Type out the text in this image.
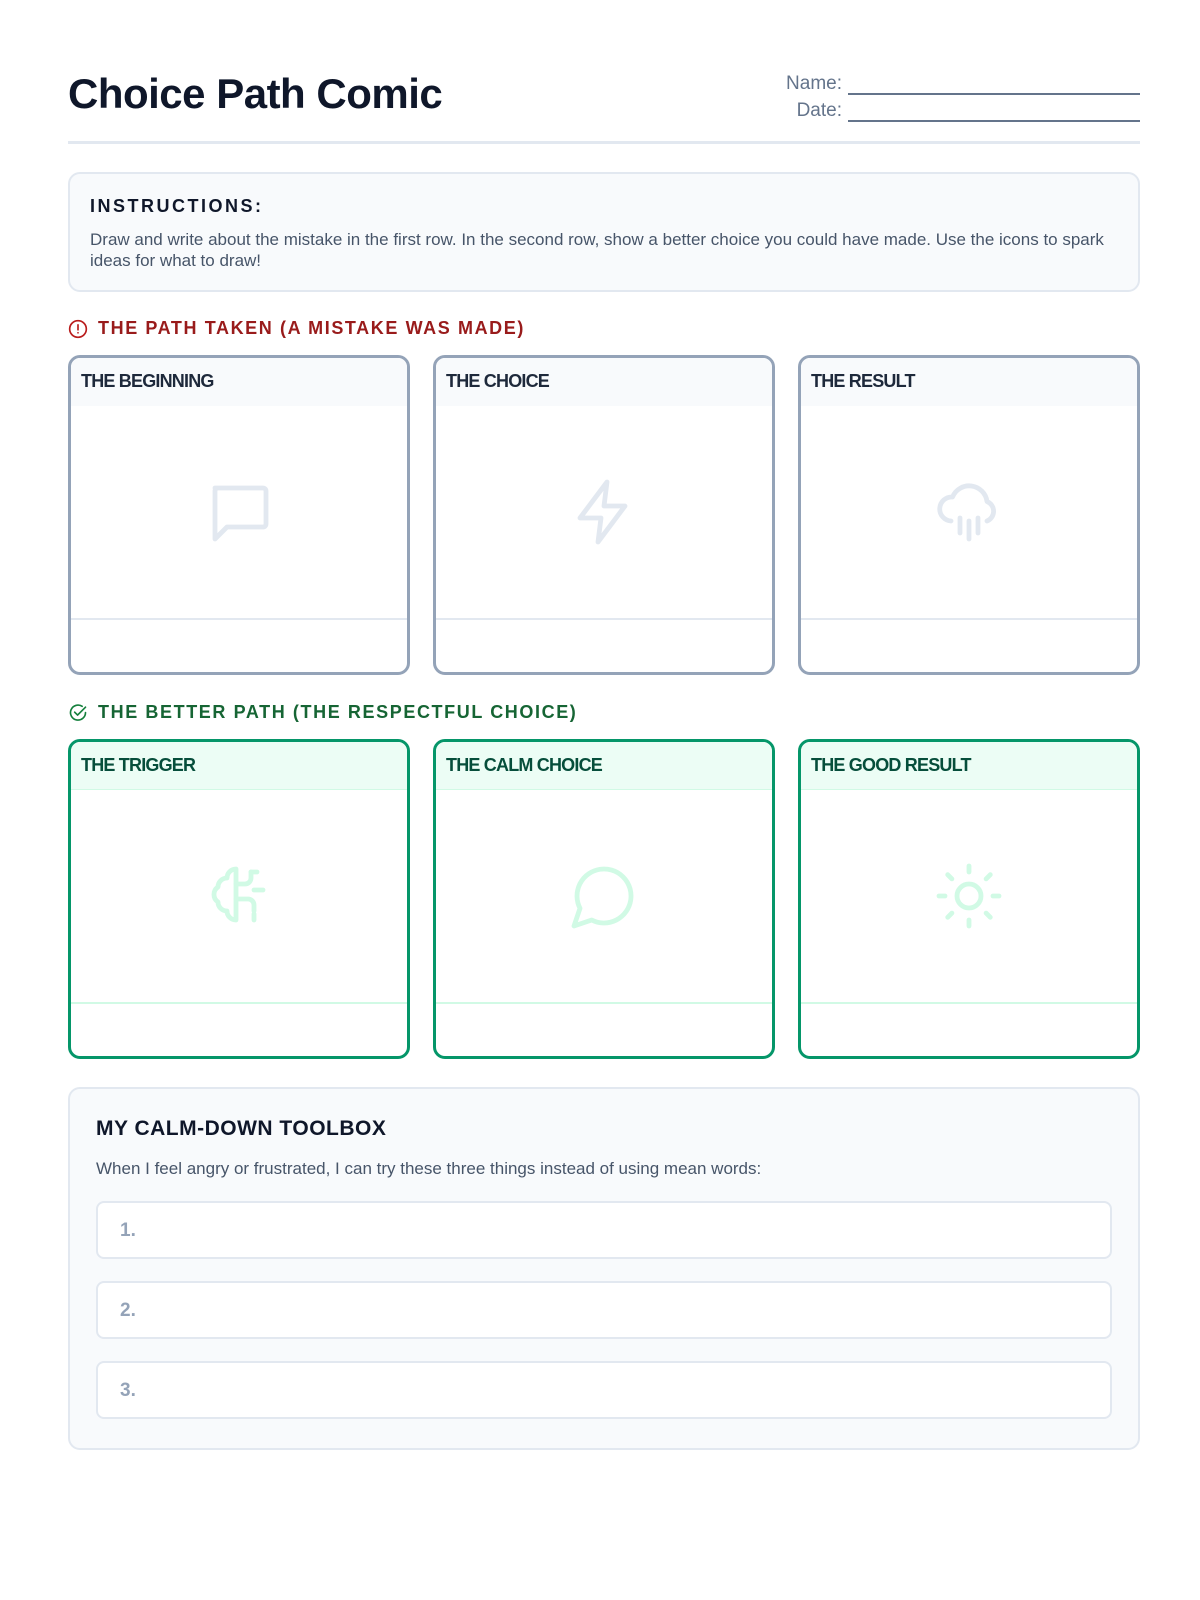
Choice Path Comic	Name:
Date:
INSTRUCTIONS:
Draw and write about the mistake in the first row. In the second row, show a better choice you could have made. Use the icons to spark ideas for what to draw!
THE PATH TAKEN (A MISTAKE WAS MADE)
THE BEGINNING	THE CHOICE	THE RESULT
THE BETTER PATH (THE RESPECTFUL CHOICE)
THE TRIGGER	THE CALM CHOICE	THE GOOD RESULT
MY CALM-DOWN TOOLBOX
When I feel angry or frustrated, I can try these three things instead of using mean words:
1.
2.
3.
